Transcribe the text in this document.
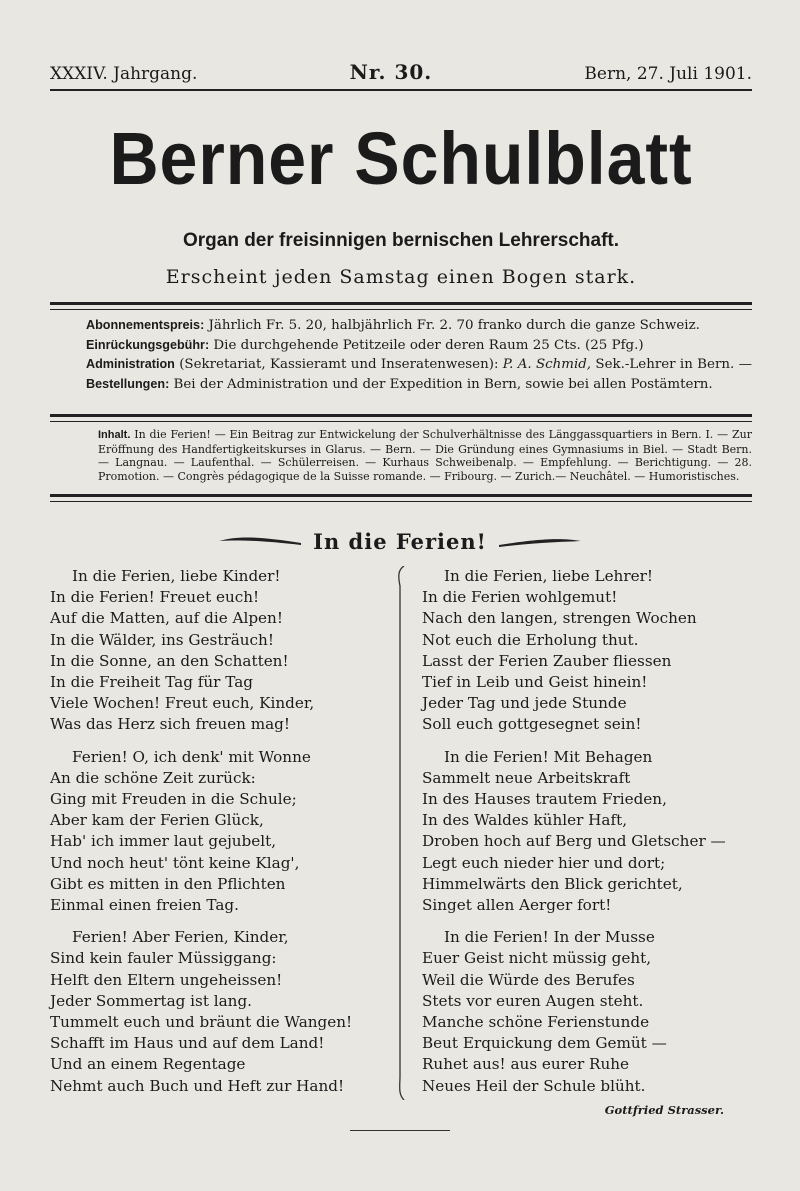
XXXIV. Jahrgang.	Nr. 30.	Bern, 27. Juli 1901.
Berner Schulblatt
Organ der freisinnigen bernischen Lehrerschaft.
Erscheint jeden Samstag einen Bogen stark.
Abonnementspreis: Jährlich Fr. 5. 20, halbjährlich Fr. 2. 70 franko durch die ganze Schweiz.
Einrückungsgebühr: Die durchgehende Petitzeile oder deren Raum 25 Cts. (25 Pfg.)
Administration (Sekretariat, Kassieramt und Inseratenwesen): P. A. Schmid, Sek.-Lehrer in Bern. — Bestellungen: Bei der Administration und der Expedition in Bern, sowie bei allen Postämtern.
Inhalt. In die Ferien! — Ein Beitrag zur Entwickelung der Schulverhältnisse des Länggassquartiers in Bern. I. — Zur Eröffnung des Handfertigkeitskurses in Glarus. — Bern. — Die Gründung eines Gymnasiums in Biel. — Stadt Bern. — Langnau. — Laufenthal. — Schülerreisen. — Kurhaus Schweibenalp. — Empfehlung. — Berichtigung. — 28. Promotion. — Congrès pédagogique de la Suisse romande. — Fribourg. — Zurich.— Neuchâtel. — Humoristisches.
In die Ferien!
In die Ferien, liebe Kinder!
In die Ferien! Freuet euch!
Auf die Matten, auf die Alpen!
In die Wälder, ins Gesträuch!
In die Sonne, an den Schatten!
In die Freiheit Tag für Tag
Viele Wochen! Freut euch, Kinder,
Was das Herz sich freuen mag!
Ferien! O, ich denk' mit Wonne
An die schöne Zeit zurück:
Ging mit Freuden in die Schule;
Aber kam der Ferien Glück,
Hab' ich immer laut gejubelt,
Und noch heut' tönt keine Klag',
Gibt es mitten in den Pflichten
Einmal einen freien Tag.
Ferien! Aber Ferien, Kinder,
Sind kein fauler Müssiggang:
Helft den Eltern ungeheissen!
Jeder Sommertag ist lang.
Tummelt euch und bräunt die Wangen!
Schafft im Haus und auf dem Land!
Und an einem Regentage
Nehmt auch Buch und Heft zur Hand!
In die Ferien, liebe Lehrer!
In die Ferien wohlgemut!
Nach den langen, strengen Wochen
Not euch die Erholung thut.
Lasst der Ferien Zauber fliessen
Tief in Leib und Geist hinein!
Jeder Tag und jede Stunde
Soll euch gottgesegnet sein!
In die Ferien! Mit Behagen
Sammelt neue Arbeitskraft
In des Hauses trautem Frieden,
In des Waldes kühler Haft,
Droben hoch auf Berg und Gletscher —
Legt euch nieder hier und dort;
Himmelwärts den Blick gerichtet,
Singet allen Aerger fort!
In die Ferien! In der Musse
Euer Geist nicht müssig geht,
Weil die Würde des Berufes
Stets vor euren Augen steht.
Manche schöne Ferienstunde
Beut Erquickung dem Gemüt —
Ruhet aus! aus eurer Ruhe
Neues Heil der Schule blüht.
Gottfried Strasser.
